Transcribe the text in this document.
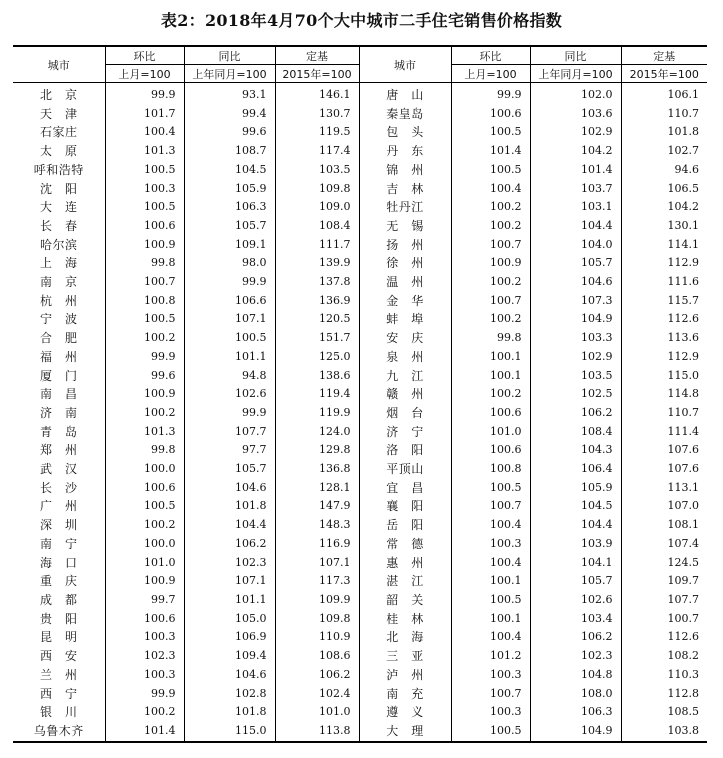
表2：2018年4月70个大中城市二手住宅销售价格指数
城市	环比	同比	定基	城市	环比	同比	定基
	上月=100	上年同月=100	2015年=100		上月=100	上年同月=100	2015年=100
北　京	99.9	93.1	146.1	唐　山	99.9	102.0	106.1
天　津	101.7	99.4	130.7	秦皇岛	100.6	103.6	110.7
石家庄	100.4	99.6	119.5	包　头	100.5	102.9	101.8
太　原	101.3	108.7	117.4	丹　东	101.4	104.2	102.7
呼和浩特	100.5	104.5	103.5	锦　州	100.5	101.4	94.6
沈　阳	100.3	105.9	109.8	吉　林	100.4	103.7	106.5
大　连	100.5	106.3	109.0	牡丹江	100.2	103.1	104.2
长　春	100.6	105.7	108.4	无　锡	100.2	104.4	130.1
哈尔滨	100.9	109.1	111.7	扬　州	100.7	104.0	114.1
上　海	99.8	98.0	139.9	徐　州	100.9	105.7	112.9
南　京	100.7	99.9	137.8	温　州	100.2	104.6	111.6
杭　州	100.8	106.6	136.9	金　华	100.7	107.3	115.7
宁　波	100.5	107.1	120.5	蚌　埠	100.2	104.9	112.6
合　肥	100.2	100.5	151.7	安　庆	99.8	103.3	113.6
福　州	99.9	101.1	125.0	泉　州	100.1	102.9	112.9
厦　门	99.6	94.8	138.6	九　江	100.1	103.5	115.0
南　昌	100.9	102.6	119.4	赣　州	100.2	102.5	114.8
济　南	100.2	99.9	119.9	烟　台	100.6	106.2	110.7
青　岛	101.3	107.7	124.0	济　宁	101.0	108.4	111.4
郑　州	99.8	97.7	129.8	洛　阳	100.6	104.3	107.6
武　汉	100.0	105.7	136.8	平顶山	100.8	106.4	107.6
长　沙	100.6	104.6	128.1	宜　昌	100.5	105.9	113.1
广　州	100.5	101.8	147.9	襄　阳	100.7	104.5	107.0
深　圳	100.2	104.4	148.3	岳　阳	100.4	104.4	108.1
南　宁	100.0	106.2	116.9	常　德	100.3	103.9	107.4
海　口	101.0	102.3	107.1	惠　州	100.4	104.1	124.5
重　庆	100.9	107.1	117.3	湛　江	100.1	105.7	109.7
成　都	99.7	101.1	109.9	韶　关	100.5	102.6	107.7
贵　阳	100.6	105.0	109.8	桂　林	100.1	103.4	100.7
昆　明	100.3	106.9	110.9	北　海	100.4	106.2	112.6
西　安	102.3	109.4	108.6	三　亚	101.2	102.3	108.2
兰　州	100.3	104.6	106.2	泸　州	100.3	104.8	110.3
西　宁	99.9	102.8	102.4	南　充	100.7	108.0	112.8
银　川	100.2	101.8	101.0	遵　义	100.3	106.3	108.5
乌鲁木齐	101.4	115.0	113.8	大　理	100.5	104.9	103.8
